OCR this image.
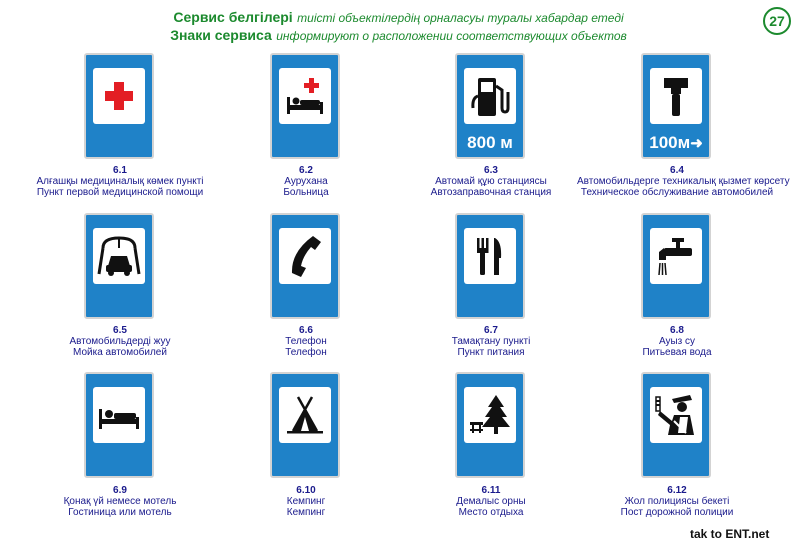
Сервис белгілері тиісті объектілердің орналасуы туралы хабардар етеді
Знаки сервиса информируют о расположении соответствующих объектов
27
6.1
Алғашқы медициналық көмек пункті
Пункт первой медицинской помощи
6.2
Аурухана
Больница
800 м
6.3
Автомай құю станциясы
Автозаправочная станция
100м➜
6.4
Автомобильдерге техникалық қызмет көрсету
Техническое обслуживание автомобилей
6.5
Автомобильдерді жуу
Мойка автомобилей
6.6
Телефон
Телефон
6.7
Тамақтану пункті
Пункт питания
6.8
Ауыз су
Питьевая вода
6.9
Қонақ үй немесе мотель
Гостиница или мотель
6.10
Кемпинг
Кемпинг
6.11
Демалыс орны
Место отдыха
6.12
Жол полициясы бекеті
Пост дорожной полиции
tak to ENT.net
